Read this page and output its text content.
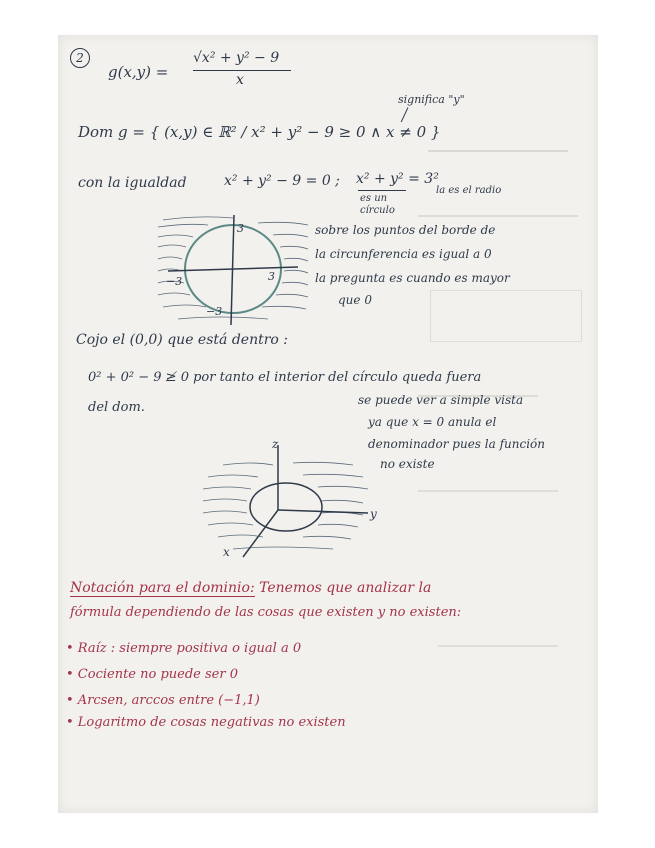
2
g(x,y) =
√x² + y² − 9
x
significa "y"
Dom g = { (x,y) ∈ ℝ² / x² + y² − 9 ≥ 0 ∧ x ≠ 0 }
con la igualdad	x² + y² − 9 = 0 ; x² + y² = 3²
es un círculo
la es el radio
3
−3	3
−3
sobre los puntos del borde de
la circunferencia es igual a 0
la pregunta es cuando es mayor
que 0
Cojo el (0,0) que está dentro :
0² + 0² − 9 ≱ 0 por tanto el interior del círculo queda fuera
del dom.	se puede ver a simple vista
ya que x = 0 anula el
denominador pues la función
no existe
z
y
x
Notación para el dominio: Tenemos que analizar la
fórmula dependiendo de las cosas que existen y no existen:
• Raíz : siempre positiva o igual a 0
• Cociente no puede ser 0
• Arcsen, arccos entre (−1,1)
• Logaritmo de cosas negativas no existen
